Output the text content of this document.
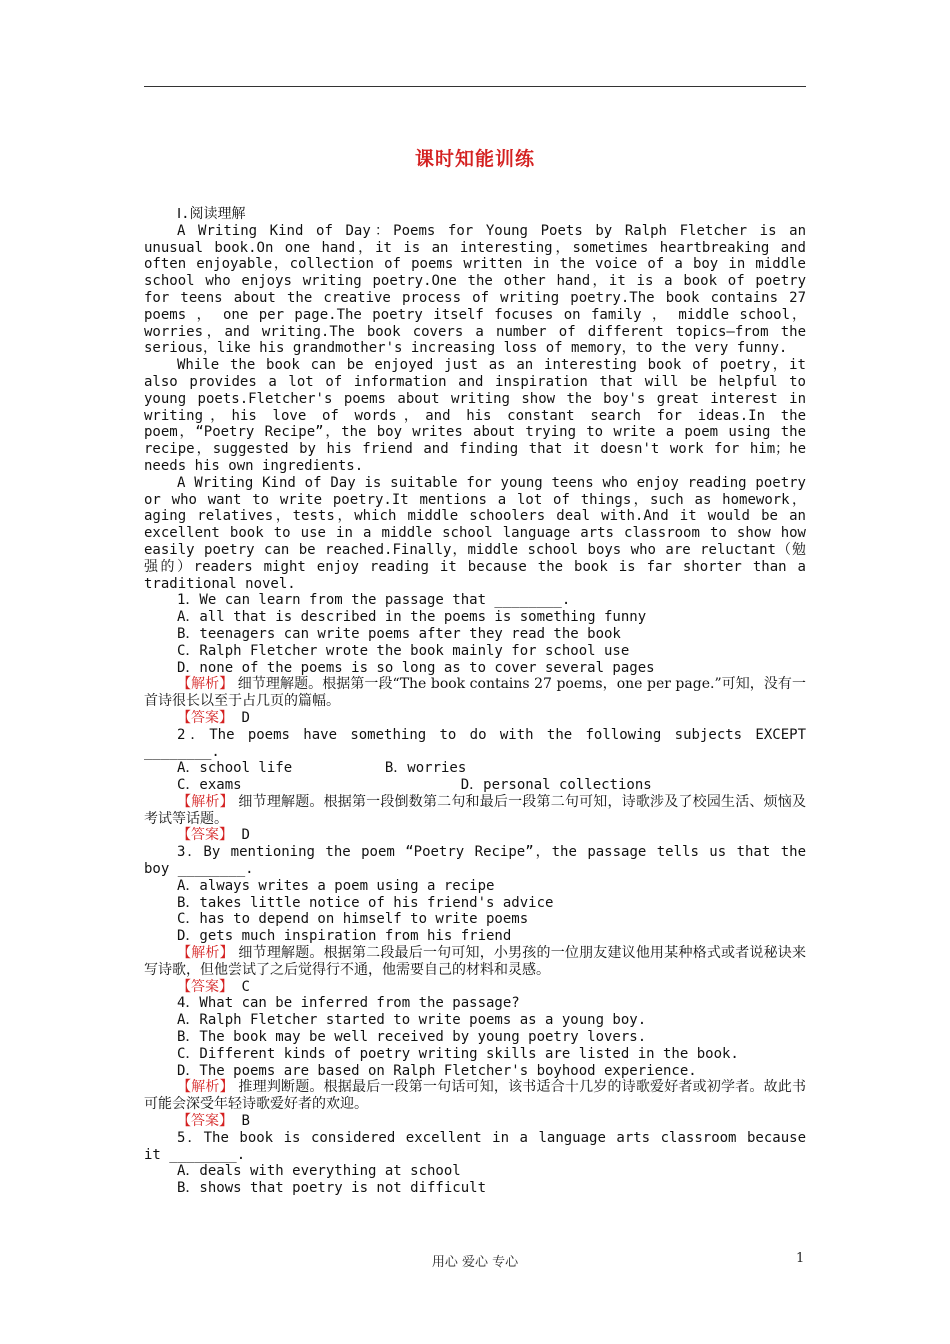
课时知能训练

Ⅰ.阅读理解

A Writing Kind of Day：Poems for Young Poets by Ralph Fletcher is an unusual book.On one hand，it is an interesting，sometimes heartbreaking and often enjoyable，collection of poems written in the voice of a boy in middle school who enjoys writing poetry.One the other hand，it is a book of poetry for teens about the creative process of writing poetry.The book contains 27 poems ， one per page.The poetry itself focuses on family ， middle school，worries，and writing.The book covers a number of different topics—from the serious，like his grandmother's increasing loss of memory，to the very funny.

While the book can be enjoyed just as an interesting book of poetry，it also provides a lot of information and inspiration that will be helpful to young poets.Fletcher's poems about writing show the boy's great interest in writing，his love of words，and his constant search for ideas.In the poem，“Poetry Recipe”，the boy writes about trying to write a poem using the recipe，suggested by his friend and finding that it doesn't work for him；he needs his own ingredients.

A Writing Kind of Day is suitable for young teens who enjoy reading poetry or who want to write poetry.It mentions a lot of things，such as homework，aging relatives，tests，which middle schoolers deal with.And it would be an excellent book to use in a middle school language arts classroom to show how easily poetry can be reached.Finally，middle school boys who are reluctant（勉强的）readers might enjoy reading it because the book is far shorter than a traditional novel.

1．We can learn from the passage that ________.

A．all that is described in the poems is something funny

B．teenagers can write poems after they read the book

C．Ralph Fletcher wrote the book mainly for school use

D．none of the poems is so long as to cover several pages

【解析】 细节理解题。根据第一段“The book contains 27 poems，one per page.”可知，没有一首诗很长以至于占几页的篇幅。

【答案】 D

2．The poems have something to do with the following subjects EXCEPT ________.

A．school life           B．worries

C．exams                          D．personal collections

【解析】 细节理解题。根据第一段倒数第二句和最后一段第二句可知，诗歌涉及了校园生活、烦恼及考试等话题。

【答案】 D

3．By mentioning the poem “Poetry Recipe”，the passage tells us that the boy ________.

A．always writes a poem using a recipe

B．takes little notice of his friend's advice

C．has to depend on himself to write poems

D．gets much inspiration from his friend

【解析】 细节理解题。根据第二段最后一句可知，小男孩的一位朋友建议他用某种格式或者说秘诀来写诗歌，但他尝试了之后觉得行不通，他需要自己的材料和灵感。

【答案】 C

4．What can be inferred from the passage?

A．Ralph Fletcher started to write poems as a young boy.

B．The book may be well received by young poetry lovers.

C．Different kinds of poetry writing skills are listed in the book.

D．The poems are based on Ralph Fletcher's boyhood experience.

【解析】 推理判断题。根据最后一段第一句话可知，该书适合十几岁的诗歌爱好者或初学者。故此书可能会深受年轻诗歌爱好者的欢迎。

【答案】 B

5．The book is considered excellent in a language arts classroom because it ________.

A．deals with everything at school

B．shows that poetry is not difficult

用心 爱心 专心	1
